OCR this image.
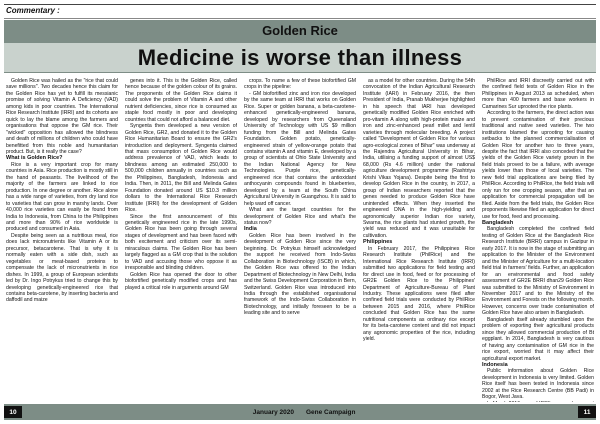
Commentary :
Golden Rice
Medicine is worse than illness

Golden Rice was hailed as the "rice that could save millions". Two decades hence this claim for the Golden Rice has yet to fulfill its messianic promise of solving Vitamin A Deficiency (VAD) among kids in poor countries. The International Rice Research Institute (IRRI) and its cohorts are quick to lay the blame among the farmers and organisations that oppose the GM rice. Their "wicked" opposition has allowed the blindness and death of millions of children who could have benefitted from this noble and humanitarian product. But, is it really the case?

What is Golden Rice?

Rice is a very important crop for many countries in Asia. Rice production is mostly still in the hand of peasants. The livelihood of the majority of the farmers are linked to rice production. In one degree or another. Rice alone has a wide range of varieties, from dry land rice to varieties that can grow in marshy lands. Over 40,000 rice varieties can easily be found from India to Indonesia, from China to the Philippines and more than 90% of rice worldwide is produced and consumed in Asia.

Despite being seen as a nutritious meal, rice does lack micronutrients like Vitamin A or its precursor, betacarotene. That is why it is normally eaten with a side dish, such as vegetables or meat-based proteins to compensate the lack of micronutrients in rice dishes. In 1999, a group of European scientists led by Dr. Ingo Potrykus tried to change this by developing genetically-engineered rice that contains beta-carotene, by inserting bacteria and daffodil and maize

genes into it. This is the Golden Rice, called hence because of the golden colour of its grains. The proponents of the Golden Rice claims it could solve the problem of Vitamin A and other nutrient deficiencies, since rice is consumed as staple food mostly in poor and developing countries that could not afford a balanced diet.

Syngenta then developed a new version of Golden Rice, GR2, and donated it to the Golden Rice Humanitarian Board to ensure the GR2's introduction and deployment. Syngenta claimed that mass consumption of Golden Rice would address prevalence of VAD, which leads to blindness among an estimated 250,000 to 500,000 children annually in countries such as the Philippines, Bangladesh, Indonesia and India. Then, in 2011, the Bill and Melinda Gates Foundation donated around US $10.3 million dollars to the International Rice Research Institute (IRRI) for the development of Golden Rice.

Since the first announcement of this genetically engineered rice in the late 1990s, Golden Rice has been going through several stages of development and has been faced with both excitement and criticism over its semi-miraculous claims. The Golden Rice has been largely flagged as a GM crop that is the solution to VAD and accusing those who oppose it as irresponsible and blinding children.

Golden Rice has opened the door to other biofortified genetically modified crops and has played a critical role in arguments around GM

crops. To name a few of these biofortified GM crops in the pipeline:

- GM biofortified zinc and iron rice developed by the same team at IRRI that works on Golden Rice. Super or golden banana, a beta-carotene-enhanced genetically-engineered banana, developed by researchers from Queensland University of Technology with US $9 million funding from the Bill and Melinda Gates Foundation. Golden potato, genetically-engineered strain of yellow-orange potato that contains vitamin A and vitamin E, developed by a group of scientists at Ohio State University and the Indian National Agency for New Technologies. Purple rice, genetically-engineered rice that contains the antioxidant anthocyanin compounds found in blueberries, developed by a team at the South China Agricultural University in Guangzhou. It is said to help ward off cancer.

What are the target countries for the development of Golden Rice and what's the status now?

India

Golden Rice has been involved in the development of Golden Rice since the very beginning. Dr. Potrykus himself acknowledged the support he received from Indo-Swiss Collaboration in Biotechnology (ISCB) in which, the Golden Rice was offered to the Indian Department of Biotechnology in New Delhi, India and the Swiss Development Corporation in Bern, Switzerland. Golden Rice was introduced into India through the established organisational framework of the Indo-Swiss Collaboration in Biotechnology, and initially foreseen to be a leading site and to serve

as a model for other countries. During the 54th convocation of the Indian Agricultural Research Institute (IARI) in February 2016, the then President of India, Pranab Mukherjee highlighted in his speech that IARI has developed genetically modified Golden Rice enriched with pro-vitamin A along with high-protein maize and iron and zinc-enhanced pearl millet and lentil varieties through molecular breeding. A project called "Development of Golden Rice for various agro-ecological zones of Bihar" was underway at the Rajendra Agricultural University in Bihar, India, utilising a funding support of almost US$ 68,000 (Rs 4.6 million) under the national agriculture development programme (Rashtriya Krishi Vikas Yojana). Despite being the first to develop Golden Rice in the country, in 2017, a group of Indian researchers reported that the genes needed to produce Golden Rice have unintended effects. When they inserted the engineered DNA in the high-yielding and agronomically superior Indian rice variety, Swarna, the rice plants had stunted growth, the yield was reduced and it was unsuitable for cultivation.

Philippines

In February 2017, the Philippines Rice Research Institute (PhilRice) and the International Rice Research Institute (IRRI) submitted two applications for field testing and for direct use in food, feed or for processing of GR2E Golden Rice to the Philippines' Department of Agriculture-Bureau of Plant Industry. These applications were filed after confined field trials were conducted by PhilRice between 2015 and 2016, where PhilRice concluded that Golden Rice has the same nutritional components as ordinary rice except for its beta-carotene content and did not impact any agronomic properties of the rice, including yield.

PhilRice and IRRI discreetly carried out with the confined field tests of Golden Rice in the Philippines in August 2013 as scheduled, when more than 400 farmers and base workers in Camarines Sur uprooted the rice plants.

According to the farmers, the direct action was to prevent contamination of their precious traditional and native seed varieties. The two institutions blamed the uprooting for causing setbacks to the planned commercialisation of Golden Rice for another two to three years, despite the fact that IRRI also conceded that the yields of the Golden Rice variety grown in the field trials proved to be a failure, with average yields lower than those of local varieties. The new field trial applications are being filed by PhilRice. According to PhilRice, the field trials will only run for one cropping season, after that an application for commercial propagation will be filed. Aside from the field trials, the Golden Rice proponents likewise filed an application for direct use for food, feed and processing.

Bangladesh

Bangladesh completed the confined field testing of Golden Rice at the Bangladesh Rice Research Institute (BRRI) campus in Gazipur in early 2017. It is now in the stage of submitting an application to the Minister of the Environment and the Minister of Agriculture for a multi-location field trial in farmers' fields. Further, an application for an environmental and food safety assessment of GR2E BRRI dhan29 Golden Rice was submitted to the Ministry of Environment in November 2017 and to the Ministry of the Environment and Forests on the following month. However, concerns over trade contamination of Golden Rice have also arisen in Bangladesh.

Bangladesh itself already stumbled upon the problem of exporting their agricultural products since they allowed commercial production of Bt eggplant. In 2014, Bangladesh is very cautious of having any contamination of GM rice in the rice export, worried that it may affect their agricultural export market.

Indonesia

Public information about Golden Rice development in Indonesia is very limited. Golden Rice itself has been tested in Indonesia since 2002 at the Rice Research Centre (BB Padi) in Bogor, West Java.

10	January 2020	Gene Campaign	11
